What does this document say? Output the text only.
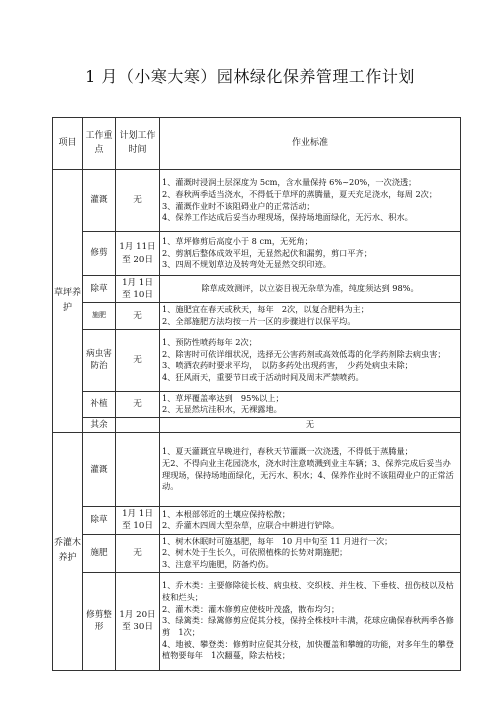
1 月（小寒大寒）园林绿化保养管理工作计划
项目	工作重点	计划工作时间	作业标准
草坪养护	灌溉	无	1、灌溉时浸润土层深度为 5cm，含水量保持 6%~20%，一次浇透；
2、春秋两季适当浇水，不得低于草坪的蒸腾量，夏天充足浇水，每周 2次；
3、灌溉作业时不该阻碍业户的正常活动；
4、保养工作达成后妥当办理现场，保持场地面绿化，无污水、积水。

	修剪	1月 11日至 20日	1、草坪修剪后高度小于 8 cm，无死角；
2、剪割后整体成效平坦，无显然起伏和漏剪，剪口平齐；
3、四周不规划草边及转弯处无显然交织印迹。

	除草	1月 1日至 10日	除草成效测评，以立姿目视无杂草为准，纯度须达到 98%。

	施肥	无	1、施肥宜在春天或秋天，每年　2次，以复合肥料为主；
2、全部施肥方法均按一片一区的步骤进行以保平均。

	病虫害防治	无	1、预防性喷药每年 2次；
2、除害时可依详细状况，选择无公害药剂或高效低毒的化学药剂除去病虫害；
3、喷洒农药时要求平均，　以防多药处出现药害，　少药处病虫未除；
4、狂风雨天，重要节日或于活动时间及周末严禁喷药。

	补植	无	1、草坪覆盖率达到　95%以上；
2、无显然坑洼积水，无裸露地。

	其余		无

乔灌木养护	灌溉		1、夏天灌溉宜早晚进行，春秋天节灌溉一次浇透，不得低于蒸腾量；
无2、不得向业主花园浇水，浇水时注意喷溅到业主车辆；3、保养完成后妥当办理现场，保持场地面绿化，无污水、积水；4、保养作业时不该阻碍业户的正常活动。

	除草	1月 1日至 10日	1、本根部邻近的土壤应保持松散；
2、乔灌木四周大型杂草，应联合中耕进行铲除。

	施肥	无	1、树木休眠时可施基肥，每年　10 月中旬至 11 月进行一次；
2、树木处于生长久，可依照植株的长势对期施肥；
3、注意平均施肥，防备灼伤。

	修剪整形	1月 20日至 30日	1、乔木类：主要修除徒长枝、病虫枝、交织枝、并生枝、下垂枝、扭伤枝以及枯枝和烂头；
2、灌木类：灌木修剪应使枝叶茂盛，散布均匀；
3、绿篱类：绿篱修剪应促其分枝，保持全株枝叶丰满，花球应确保春秋两季各修剪　1次；
4、地被、攀登类：修剪时应促其分枝，加快覆盖和攀缠的功能，对多年生的攀登植物要每年　1次翻蔓，除去枯枝；
